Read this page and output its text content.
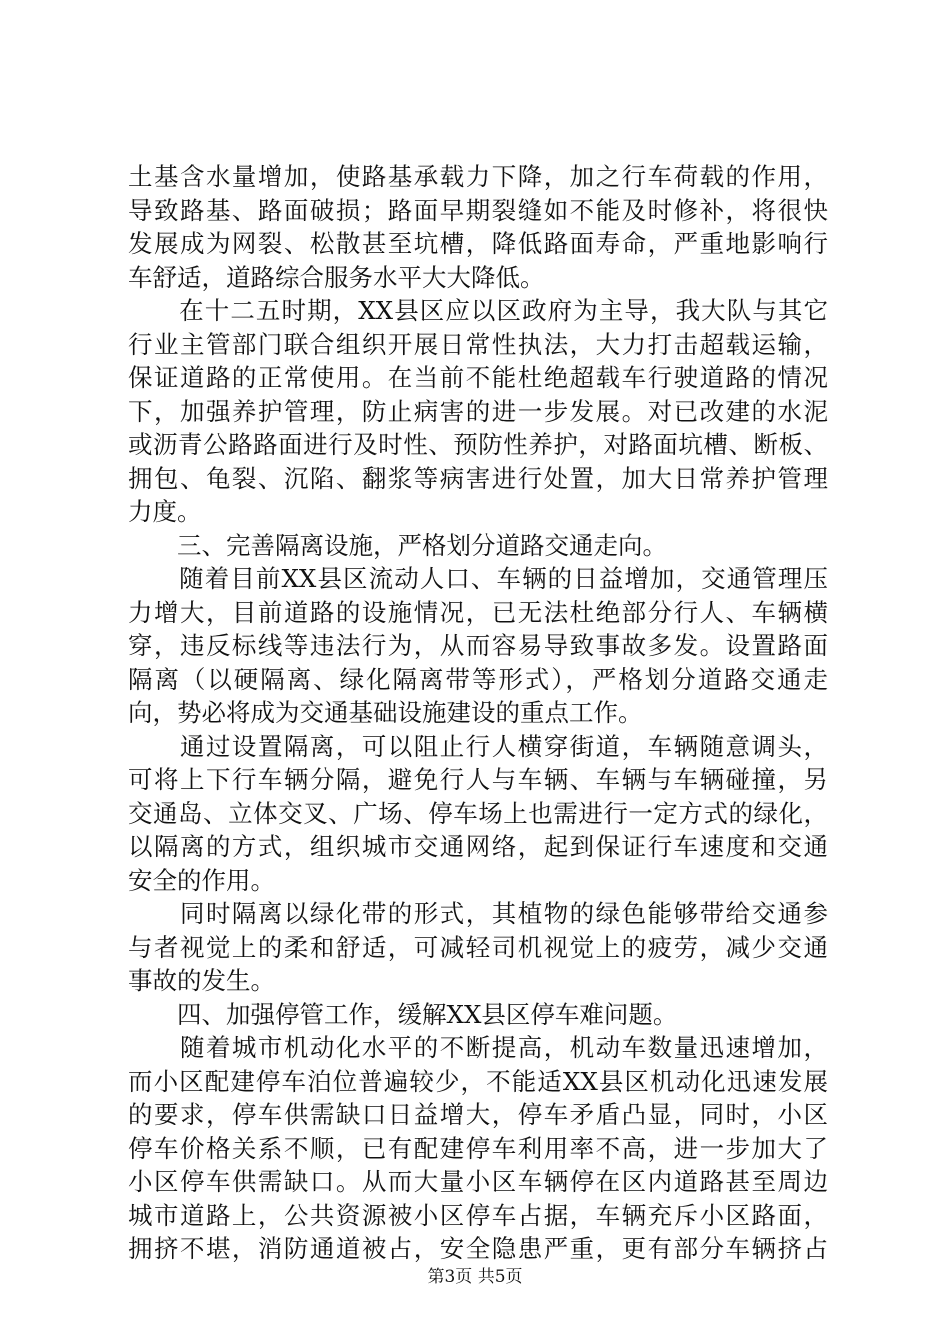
土基含水量增加，使路基承载力下降，加之行车荷载的作用，
导致路基、路面破损；路面早期裂缝如不能及时修补，将很快
发展成为网裂、松散甚至坑槽，降低路面寿命，严重地影响行
车舒适，道路综合服务水平大大降低。
　　在十二五时期，XX县区应以区政府为主导，我大队与其它
行业主管部门联合组织开展日常性执法，大力打击超载运输，
保证道路的正常使用。在当前不能杜绝超载车行驶道路的情况
下，加强养护管理，防止病害的进一步发展。对已改建的水泥
或沥青公路路面进行及时性、预防性养护，对路面坑槽、断板、
拥包、龟裂、沉陷、翻浆等病害进行处置，加大日常养护管理
力度。
　　三、完善隔离设施，严格划分道路交通走向。
　　随着目前XX县区流动人口、车辆的日益增加，交通管理压
力增大，目前道路的设施情况，已无法杜绝部分行人、车辆横
穿，违反标线等违法行为，从而容易导致事故多发。设置路面
隔离（以硬隔离、绿化隔离带等形式），严格划分道路交通走
向，势必将成为交通基础设施建设的重点工作。
　　通过设置隔离，可以阻止行人横穿街道，车辆随意调头，
可将上下行车辆分隔，避免行人与车辆、车辆与车辆碰撞，另
交通岛、立体交叉、广场、停车场上也需进行一定方式的绿化，
以隔离的方式，组织城市交通网络，起到保证行车速度和交通
安全的作用。
　　同时隔离以绿化带的形式，其植物的绿色能够带给交通参
与者视觉上的柔和舒适，可减轻司机视觉上的疲劳，减少交通
事故的发生。
　　四、加强停管工作，缓解XX县区停车难问题。
　　随着城市机动化水平的不断提高，机动车数量迅速增加，
而小区配建停车泊位普遍较少，不能适XX县区机动化迅速发展
的要求，停车供需缺口日益增大，停车矛盾凸显，同时，小区
停车价格关系不顺，已有配建停车利用率不高，进一步加大了
小区停车供需缺口。从而大量小区车辆停在区内道路甚至周边
城市道路上，公共资源被小区停车占据，车辆充斥小区路面，
拥挤不堪，消防通道被占，安全隐患严重，更有部分车辆挤占
第3页 共5页
